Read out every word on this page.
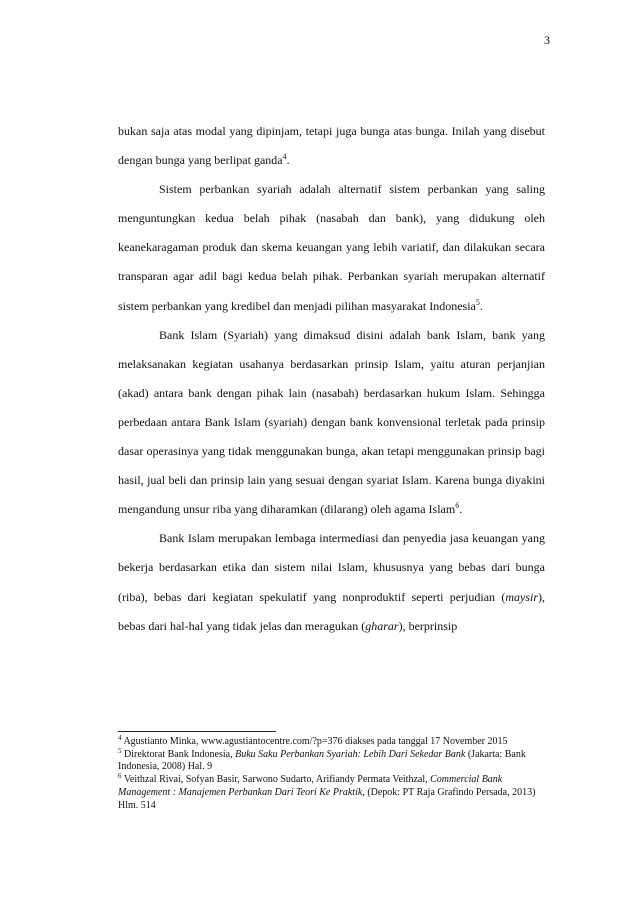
3

bukan saja atas modal yang dipinjam, tetapi juga bunga atas bunga. Inilah yang disebut dengan bunga yang berlipat ganda$^4$.

Sistem perbankan syariah adalah alternatif sistem perbankan yang saling menguntungkan kedua belah pihak (nasabah dan bank), yang didukung oleh keanekaragaman produk dan skema keuangan yang lebih variatif, dan dilakukan secara transparan agar adil bagi kedua belah pihak. Perbankan syariah merupakan alternatif sistem perbankan yang kredibel dan menjadi pilihan masyarakat Indonesia$^5$.

Bank Islam (Syariah) yang dimaksud disini adalah bank Islam, bank yang melaksanakan kegiatan usahanya berdasarkan prinsip Islam, yaitu aturan perjanjian (akad) antara bank dengan pihak lain (nasabah) berdasarkan hukum Islam. Sehingga perbedaan antara Bank Islam (syariah) dengan bank konvensional terletak pada prinsip dasar operasinya yang tidak menggunakan bunga, akan tetapi menggunakan prinsip bagi hasil, jual beli dan prinsip lain yang sesuai dengan syariat Islam. Karena bunga diyakini mengandung unsur riba yang diharamkan (dilarang) oleh agama Islam$^6$.

Bank Islam merupakan lembaga intermediasi dan penyedia jasa keuangan yang bekerja berdasarkan etika dan sistem nilai Islam, khususnya yang bebas dari bunga (riba), bebas dari kegiatan spekulatif yang nonproduktif seperti perjudian (maysir), bebas dari hal-hal yang tidak jelas dan meragukan (gharar), berprinsip

$^4$ Agustianto Minka, www.agustiantocentre.com/?p=376 diakses pada tanggal 17 November 2015

$^5$ Direktorat Bank Indonesia, Buku Saku Perbankan Syariah: Lebih Dari Sekedar Bank (Jakarta: Bank Indonesia, 2008) Hal. 9

$^6$ Veithzal Rivai, Sofyan Basir, Sarwono Sudarto, Arifiandy Permata Veithzal, Commercial Bank Management : Manajemen Perbankan Dari Teori Ke Praktik, (Depok: PT Raja Grafindo Persada, 2013) Hlm. 514
